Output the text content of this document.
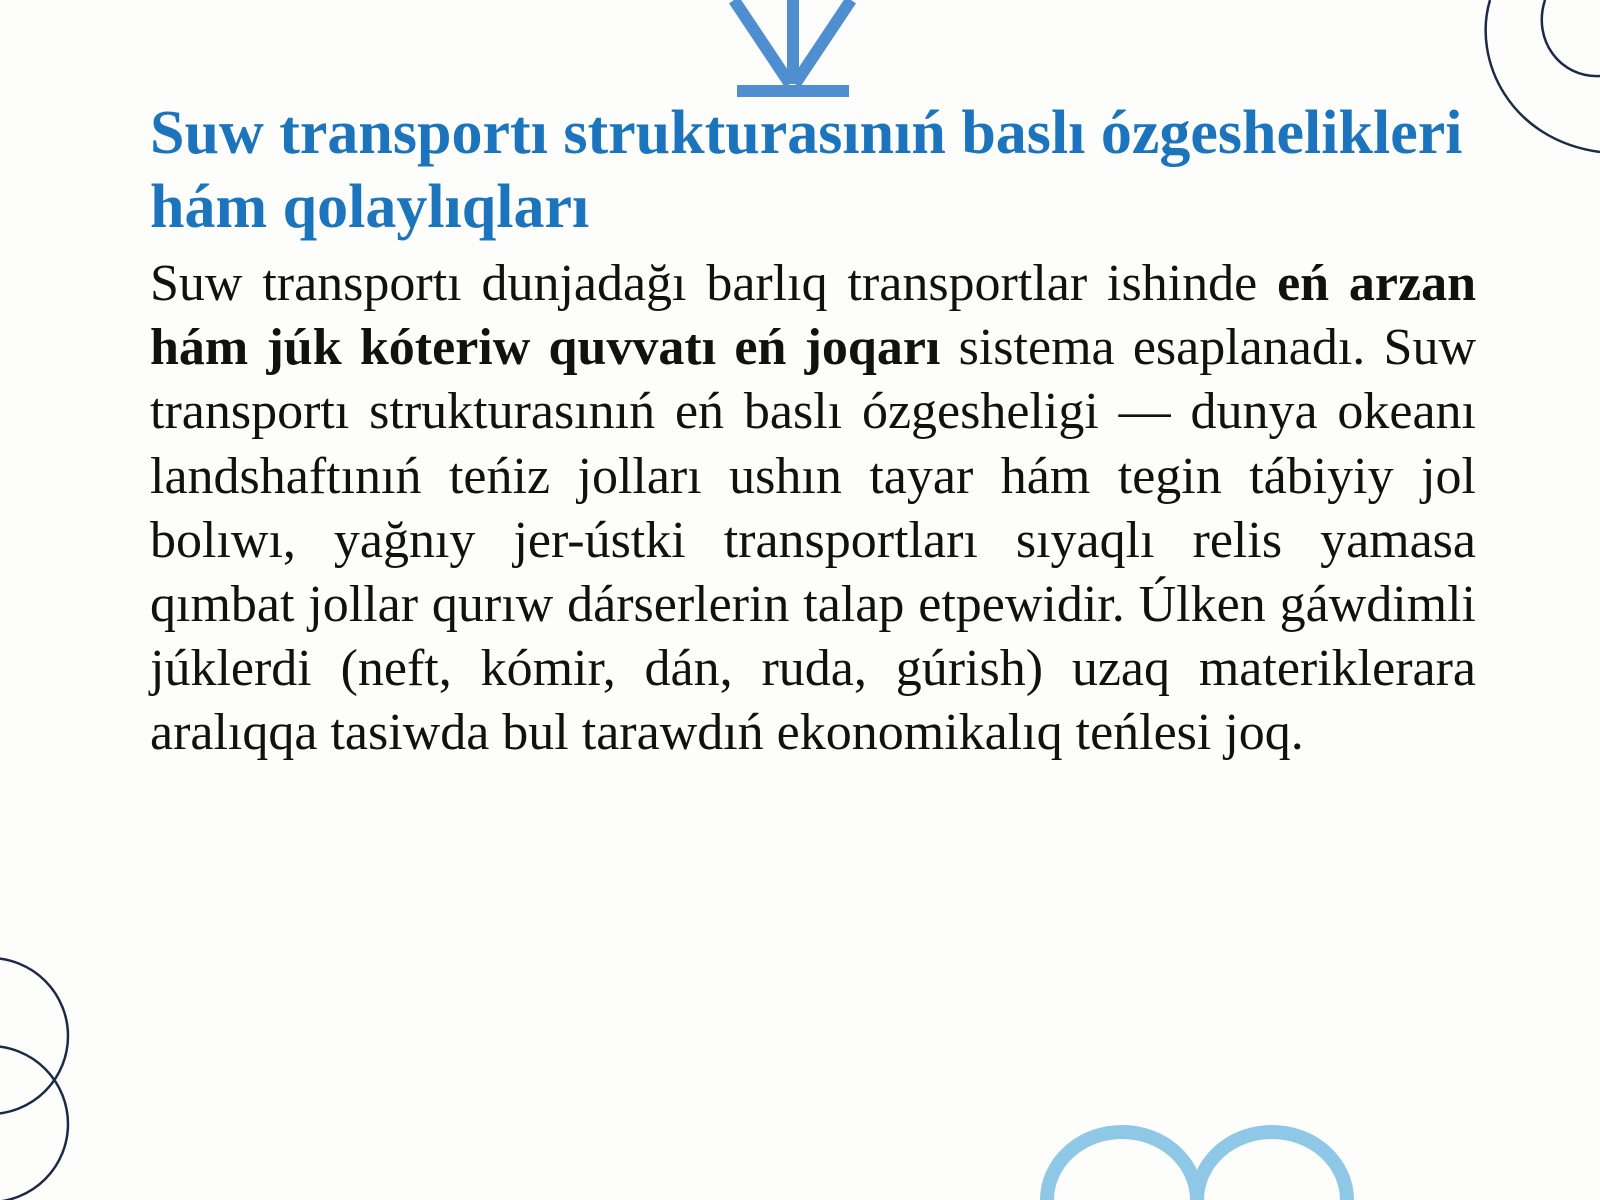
Suw transportı strukturasınıń baslı ózgeshelikleri hám qolaylıqları

Suw transportı dunjadağı barlıq transportlar ishinde eń arzan hám júk kóteriw quvvatı eń joqarı sistema esaplanadı. Suw transportı strukturasınıń eń baslı ózgesheligi — dunya okeanı landshaftınıń teńiz jolları ushın tayar hám tegin tábiyiy jol bolıwı, yağnıy jer-ústki transportları sıyaqlı relis yamasa qımbat jollar qurıw dárserlerin talap etpewidir. Úlken gáwdimli júklerdi (neft, kómir, dán, ruda, gúrish) uzaq materiklerara aralıqqa tasiwda bul tarawdıń ekonomikalıq teńlesi joq.
